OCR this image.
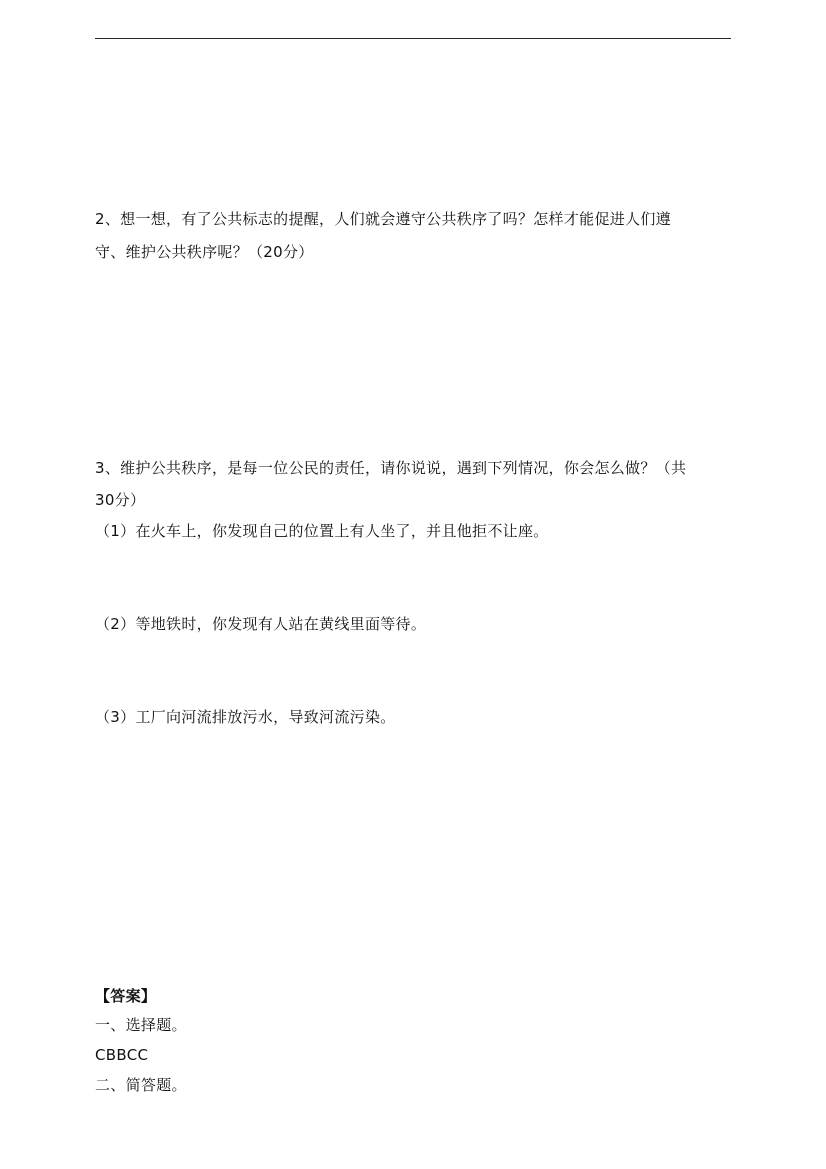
2、想一想，有了公共标志的提醒，人们就会遵守公共秩序了吗？怎样才能促进人们遵
守、维护公共秩序呢？（20分）
3、维护公共秩序，是每一位公民的责任，请你说说，遇到下列情况，你会怎么做？（共
30分）
（1）在火车上，你发现自己的位置上有人坐了，并且他拒不让座。
（2）等地铁时，你发现有人站在黄线里面等待。
（3）工厂向河流排放污水，导致河流污染。
【答案】
一、选择题。
CBBCC
二、简答题。
